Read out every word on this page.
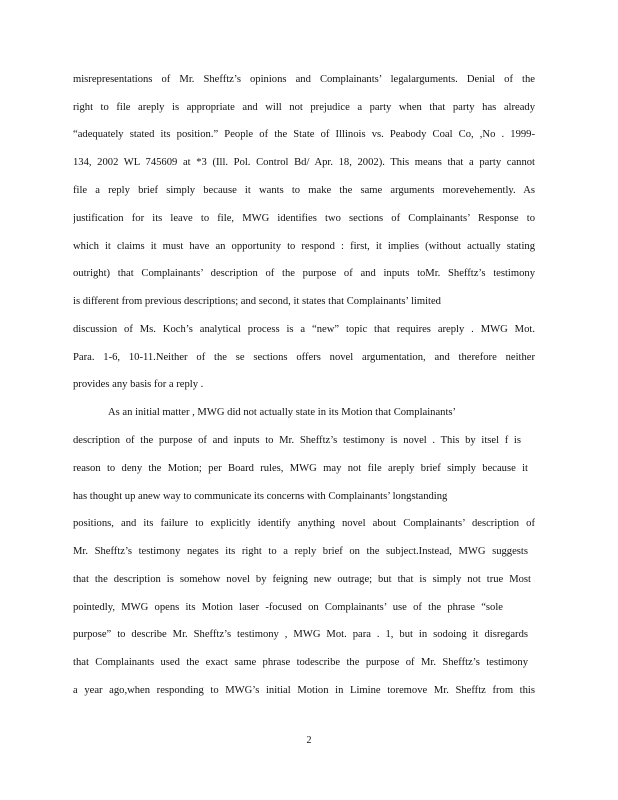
misrepresentations of Mr. Shefftz’s opinions and Complainants’ legalarguments. Denial of the
right to file areply is appropriate and will not prejudice a party when that party has already
“adequately stated its position.” People of the State of Illinois vs. Peabody Coal Co, ,No . 1999-
134, 2002 WL 745609 at *3 (Ill. Pol. Control Bd/ Apr. 18, 2002). This means that a party cannot
file a reply brief simply because it wants to make the same arguments morevehemently. As
justification for its leave to file, MWG identifies two sections of Complainants’ Response to
which it claims it must have an opportunity to respond : first, it implies (without actually stating
outright) that Complainants’ description of the purpose of and inputs toMr. Shefftz’s testimony
is different from previous descriptions; and second, it states that Complainants’ limited
discussion of Ms. Koch’s analytical process is a “new” topic that requires areply . MWG Mot.
Para. 1-6, 10-11.Neither of the se sections offers novel argumentation, and therefore neither
provides any basis for a reply .
As an initial matter , MWG did not actually state in its Motion that Complainants’
description of the purpose of and inputs to Mr. Shefftz’s testimony is novel . This by itsel f is
reason to deny the Motion; per Board rules, MWG may not file areply brief simply because it
has thought up anew way to communicate its concerns with Complainants’ longstanding
positions, and its failure to explicitly identify anything novel about Complainants’ description of
Mr. Shefftz’s testimony negates its right to a reply brief on the subject.Instead, MWG suggests
that the description is somehow novel by feigning new outrage; but that is simply not true Most
pointedly, MWG opens its Motion laser -focused on Complainants’ use of the phrase “sole
purpose” to describe Mr. Shefftz’s testimony , MWG Mot. para . 1, but in sodoing it disregards
that Complainants used the exact same phrase todescribe the purpose of Mr. Shefftz’s testimony
a year ago,when responding to MWG’s initial Motion in Limine toremove Mr. Shefftz from this
2
